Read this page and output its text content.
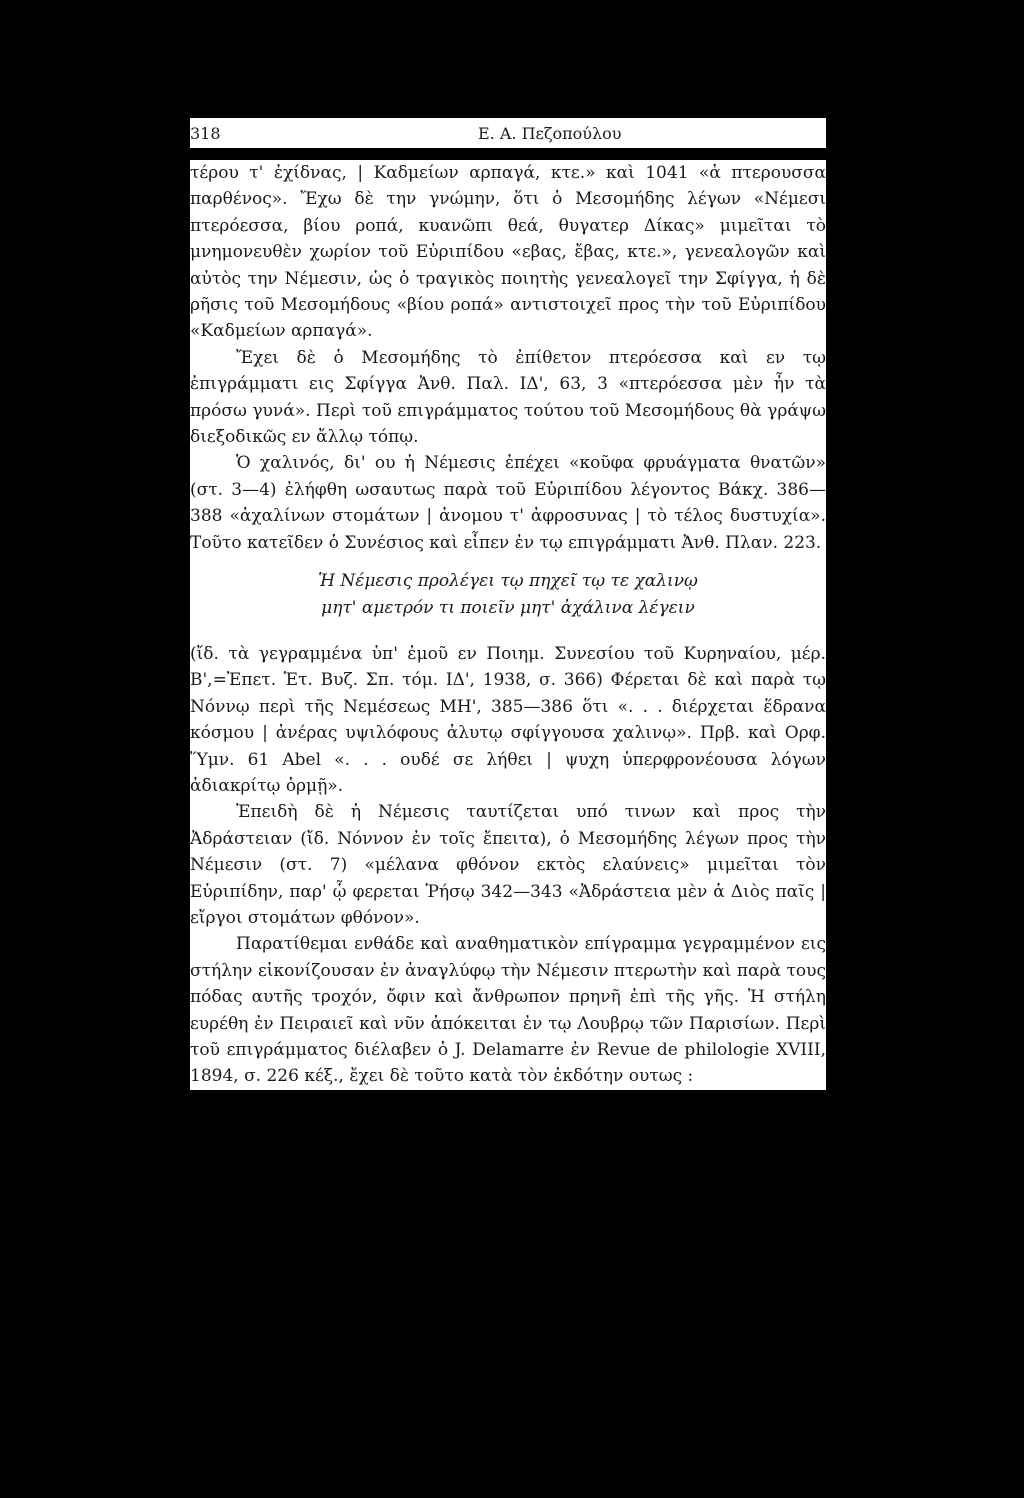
318	Ε. Α. Πεζοπούλου

τέρου τ' ἐχίδνας, | Καδμείων αρπαγά, κτε.» καὶ 1041 «ἁ πτερουσσα παρθένος». Ἔχω δὲ την γνώμην, ὅτι ὁ Μεσομήδης λέγων «Νέμεσι πτερόεσσα, βίου ροπά, κυανῶπι θεά, θυγατερ Δίκας» μιμεῖται τὸ μνημονευθὲν χωρίον τοῦ Εὐριπίδου «εβας, ἔβας, κτε.», γενεαλογῶν καὶ αὐτὸς την Νέμεσιν, ὡς ὁ τραγικὸς ποιητὴς γενεαλογεῖ την Σφίγγα, ἡ δὲ ρῆσις τοῦ Μεσομήδους «βίου ροπά» αντιστοιχεῖ προς τὴν τοῦ Εὐριπίδου «Καδμείων αρπαγά».

Ἔχει δὲ ὁ Μεσομήδης τὸ ἐπίθετον πτερόεσσα καὶ εν τῳ ἐπιγράμματι εις Σφίγγα Ἀνθ. Παλ. ΙΔ', 63, 3 «πτερόεσσα μὲν ἦν τὰ πρόσω γυνά». Περὶ τοῦ επιγράμματος τούτου τοῦ Μεσομήδους θὰ γράψω διεξοδικῶς εν ἄλλῳ τόπῳ.

Ὁ χαλινός, δι' ου ἡ Νέμεσις ἐπέχει «κοῦφα φρυάγματα θνατῶν» (στ. 3—4) ἐλήφθη ωσαυτως παρὰ τοῦ Εὐριπίδου λέγοντος Βάκχ. 386—388 «ἀχαλίνων στομάτων | ἀνομου τ' ἀφροσυνας | τὸ τέλος δυστυχία». Τοῦτο κατεῖδεν ὁ Συνέσιος καὶ εἶπεν ἐν τῳ επιγράμματι Ἀνθ. Πλαν. 223.

Ἡ Νέμεσις προλέγει τῳ πηχεῖ τῳ τε χαλινῳ
μητ' αμετρόν τι ποιεῖν μητ' ἀχάλινα λέγειν

(ἴδ. τὰ γεγραμμένα ὑπ' ἐμοῦ εν Ποιημ. Συνεσίου τοῦ Κυρηναίου, μέρ. Β',=Ἐπετ. Ἑτ. Βυζ. Σπ. τόμ. ΙΔ', 1938, σ. 366) Φέρεται δὲ καὶ παρὰ τῳ Νόννῳ περὶ τῆς Νεμέσεως ΜΗ', 385—386 ὅτι «. . . διέρχεται ἕδρανα κόσμου | ἀνέρας υψιλόφους ἀλυτῳ σφίγγουσα χαλινῳ». Πρβ. καὶ Ορφ. Ὕμν. 61 Abel «. . . ουδέ σε λήθει | ψυχη ὑπερφρονέουσα λόγων ἀδιακρίτῳ ὁρμῇ».

Ἐπειδὴ δὲ ἡ Νέμεσις ταυτίζεται υπό τινων καὶ προς τὴν Ἀδράστειαν (ἴδ. Νόννον ἐν τοῖς ἔπειτα), ὁ Μεσομήδης λέγων προς τὴν Νέμεσιν (στ. 7) «μέλανα φθόνον εκτὸς ελαύνεις» μιμεῖται τὸν Εὐριπίδην, παρ' ᾧ φερεται Ῥήσῳ 342—343 «Ἀδράστεια μὲν ἁ Διὸς παῖς | εἴργοι στομάτων φθόνον».

Παρατίθεμαι ενθάδε καὶ αναθηματικὸν επίγραμμα γεγραμμένον εις στήλην εἰκονίζουσαν ἐν ἀναγλύφῳ τὴν Νέμεσιν πτερωτὴν καὶ παρὰ τους πόδας αυτῆς τροχόν, ὄφιν καὶ ἄνθρωπον πρηνῆ ἐπὶ τῆς γῆς. Ἡ στήλη ευρέθη ἐν Πειραιεῖ καὶ νῦν ἀπόκειται ἐν τῳ Λουβρῳ τῶν Παρισίων. Περὶ τοῦ επιγράμματος διέλαβεν ὁ J. Delamarre ἐν Revue de philologie XVIII, 1894, σ. 226 κέξ., ἔχει δὲ τοῦτο κατὰ τὸν ἐκδότην ουτως :
